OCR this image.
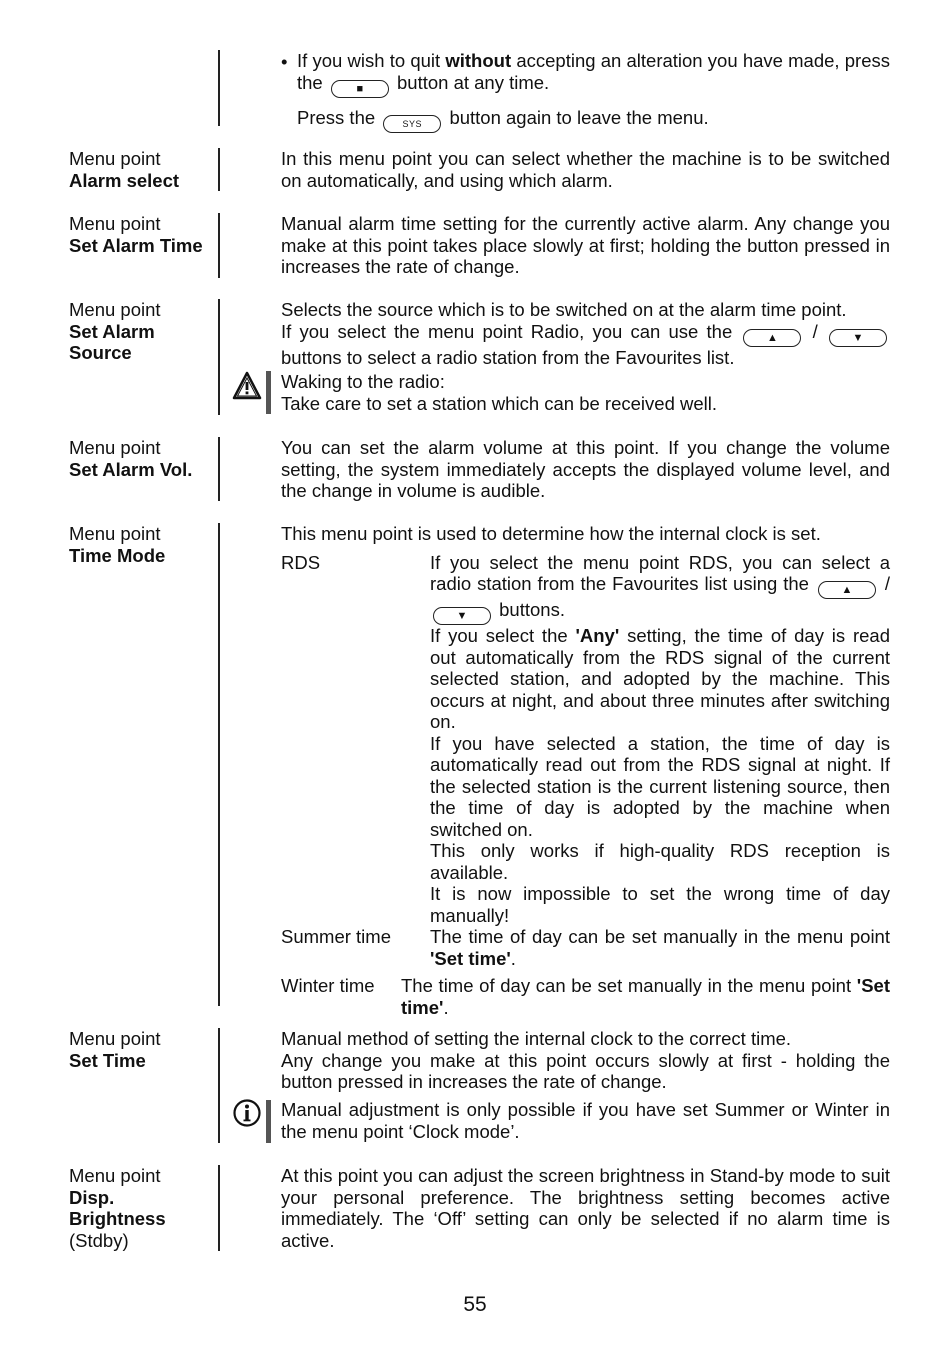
• If you wish to quit without accepting an alteration you have made, press the	■ button at any time.

Press the	SYS button again to leave the menu.

Menu point
Alarm select

In this menu point you can select whether the machine is to be switched on automatically, and using which alarm.

Menu point
Set Alarm Time

Manual alarm time setting for the currently active alarm. Any change you make at this point takes place slowly at first; holding the button pressed in increases the rate of change.

Menu point
Set Alarm
Source

Selects the source which is to be switched on at the alarm time point.

If you select the menu point Radio, you can use the	▲ /	▼ buttons to select a radio station from the Favourites list.

Waking to the radio:

Take care to set a station which can be received well.

Menu point
Set Alarm Vol.

You can set the alarm volume at this point. If you change the volume setting, the system immediately accepts the displayed volume level, and the change in volume is audible.

Menu point
Time Mode

This menu point is used to determine how the internal clock is set.

RDS	If you select the menu point RDS, you can select a radio station from the Favourites list using the	▲ / ▼ buttons.

If you select the 'Any' setting, the time of day is read out automatically from the RDS signal of the current selected station, and adopted by the machine. This occurs at night, and about three minutes after switching on.

If you have selected a station, the time of day is automatically read out from the RDS signal at night. If the selected station is the current listening source, then the time of day is adopted by the machine when switched on.

This only works if high-quality RDS reception is available.

It is now impossible to set the wrong time of day manually!

Summer time The time of day can be set manually in the menu point 'Set time'.

Winter time The time of day can be set manually in the menu point 'Set time'.

Menu point
Set Time

Manual method of setting the internal clock to the correct time.

Any change you make at this point occurs slowly at first - holding the button pressed in increases the rate of change.

Manual adjustment is only possible if you have set Summer or Winter in the menu point ‘Clock mode’.

Menu point
Disp.
Brightness
(Stdby)

At this point you can adjust the screen brightness in Stand-by mode to suit your personal preference. The brightness setting becomes active immediately. The ‘Off’ setting can only be selected if no alarm time is active.

55
